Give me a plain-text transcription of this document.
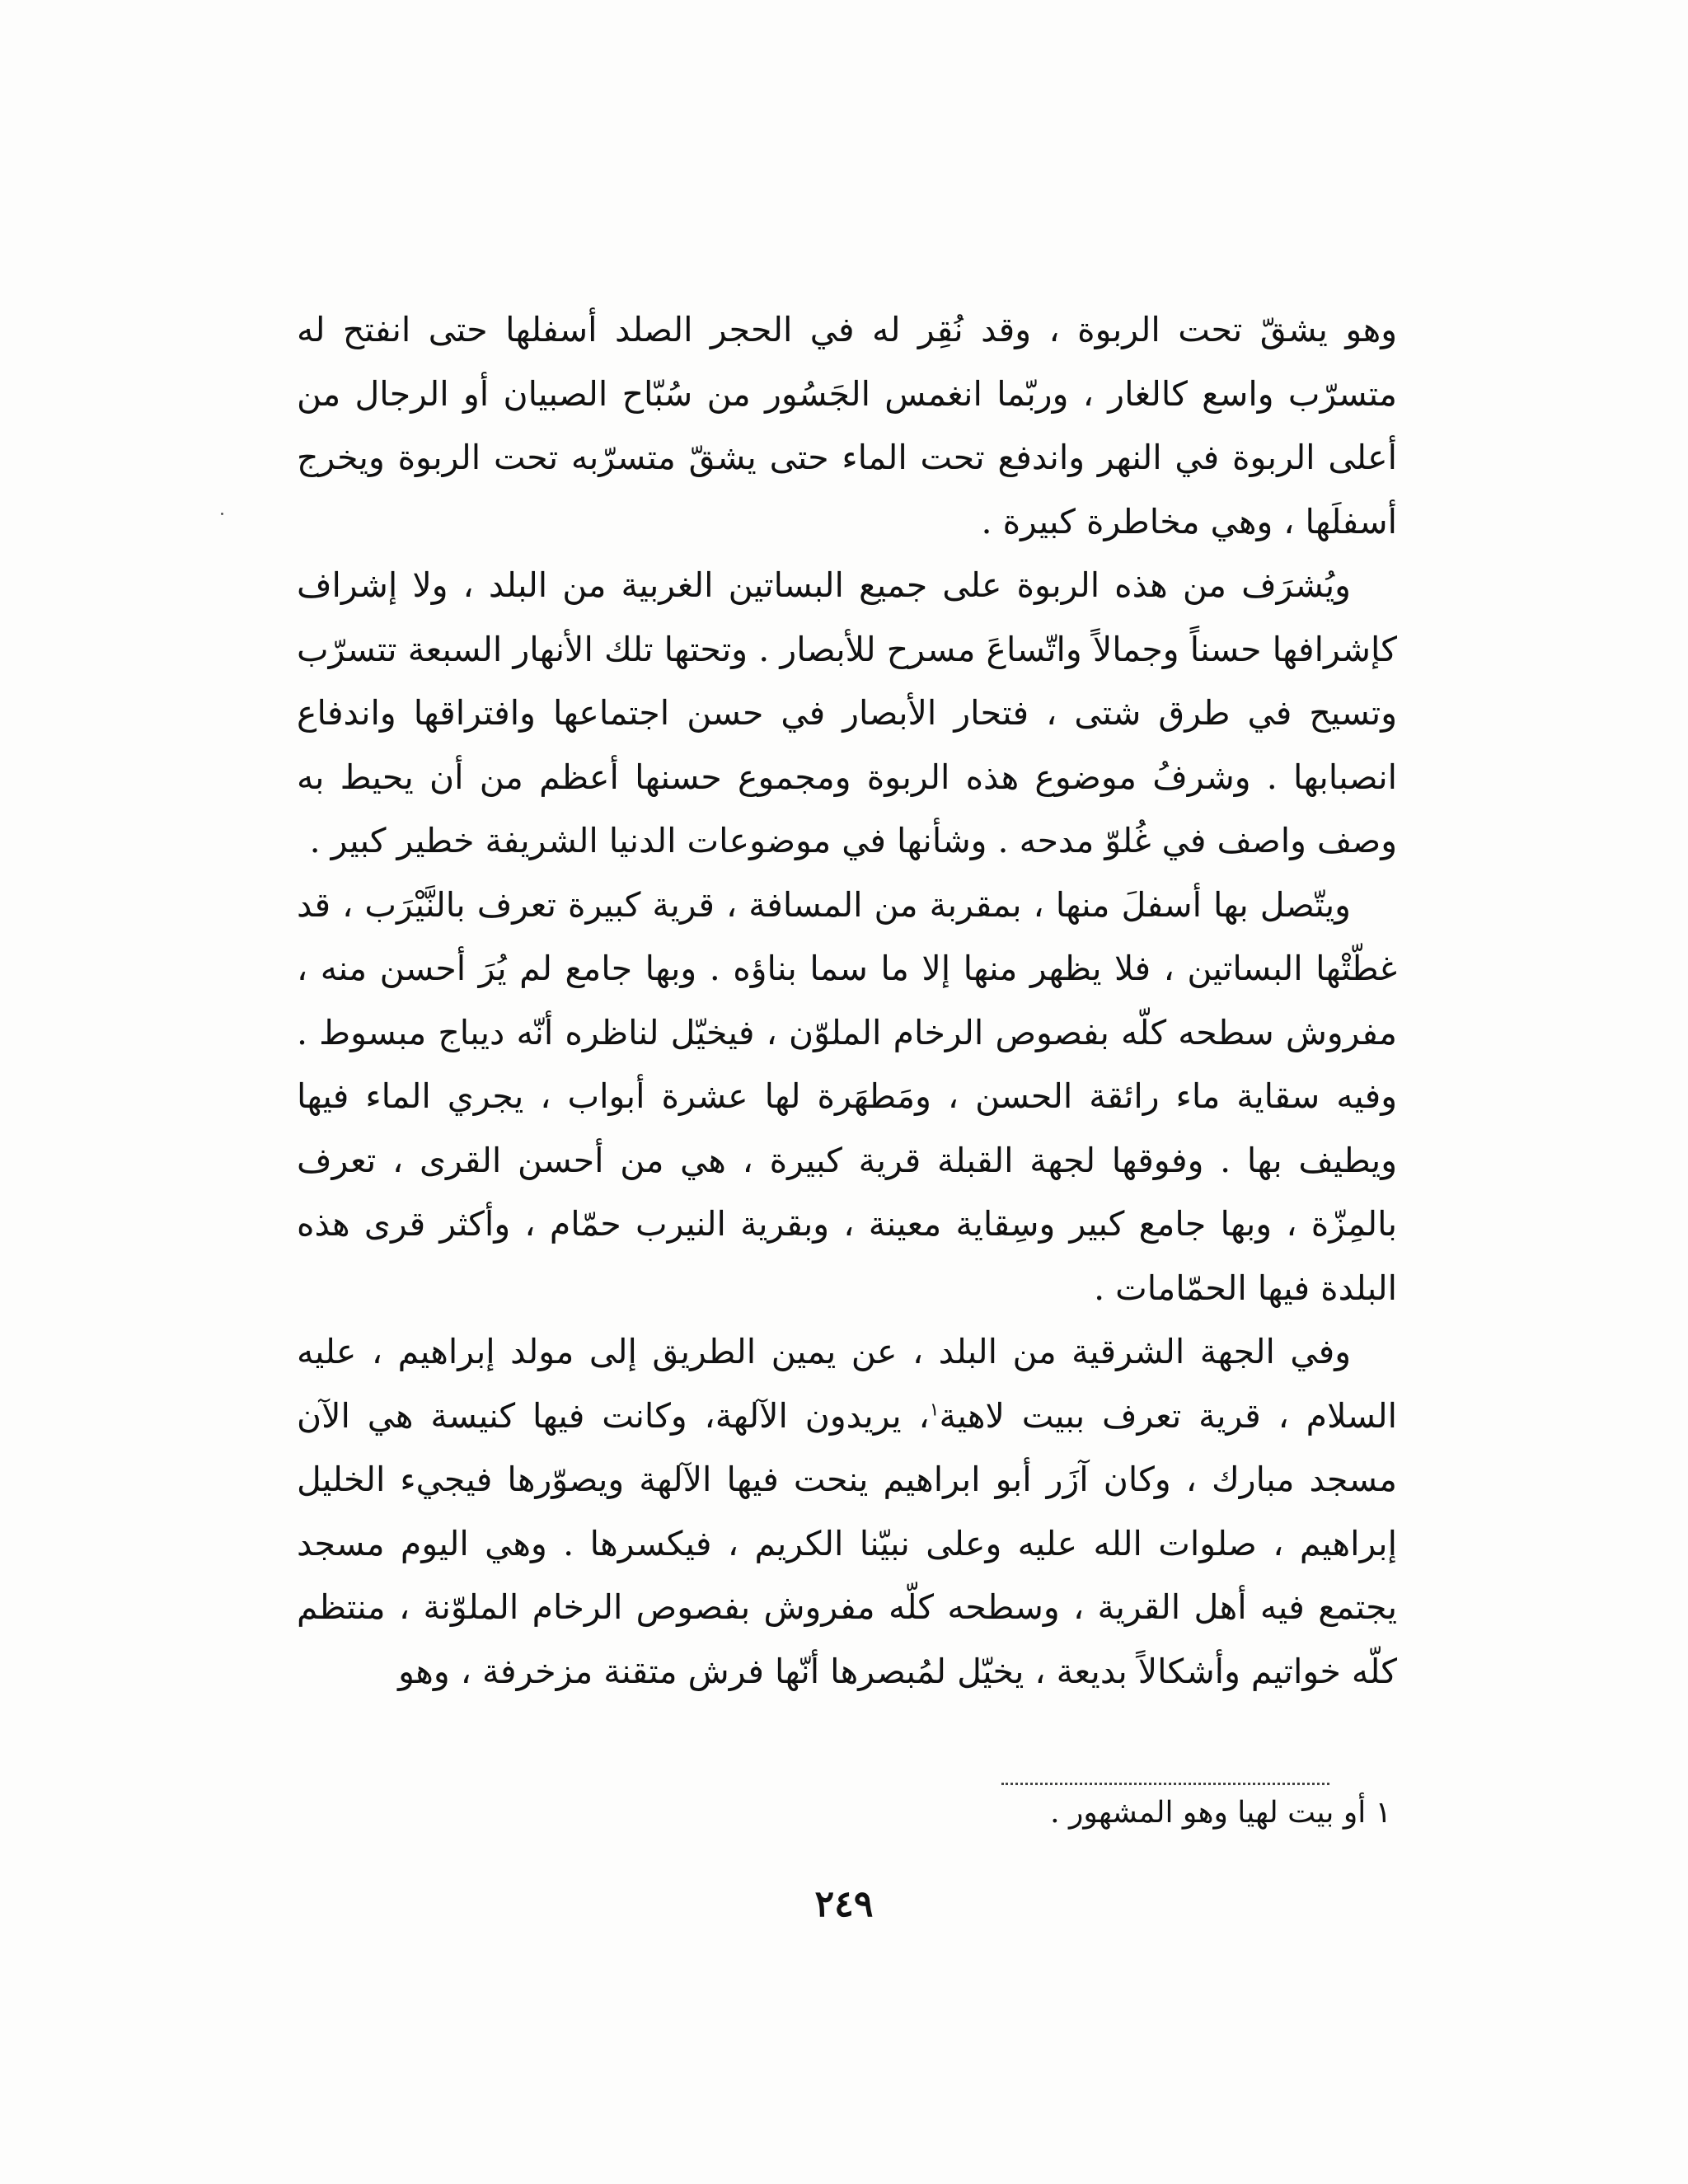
وهو يشقّ تحت الربوة ، وقد نُقِر له في الحجر الصلد أسفلها حتى انفتح له متسرّب واسع كالغار ، وربّما انغمس الجَسُور من سُبّاح الصبيان أو الرجال من أعلى الربوة في النهر واندفع تحت الماء حتى يشقّ متسرّبه تحت الربوة ويخرج أسفلَها ، وهي مخاطرة كبيرة .

ويُشرَف من هذه الربوة على جميع البساتين الغربية من البلد ، ولا إشراف كإشرافها حسناً وجمالاً واتّساعَ مسرح للأبصار . وتحتها تلك الأنهار السبعة تتسرّب وتسيح في طرق شتى ، فتحار الأبصار في حسن اجتماعها وافتراقها واندفاع انصبابها . وشرفُ موضوع هذه الربوة ومجموع حسنها أعظم من أن يحيط به وصف واصف في غُلوّ مدحه . وشأنها في موضوعات الدنيا الشريفة خطير كبير .

ويتّصل بها أسفلَ منها ، بمقربة من المسافة ، قرية كبيرة تعرف بالنَّيْرَب ، قد غطّتْها البساتين ، فلا يظهر منها إلا ما سما بناؤه . وبها جامع لم يُرَ أحسن منه ، مفروش سطحه كلّه بفصوص الرخام الملوّن ، فيخيّل لناظره أنّه ديباج مبسوط . وفيه سقاية ماء رائقة الحسن ، ومَطهَرة لها عشرة أبواب ، يجري الماء فيها ويطيف بها . وفوقها لجهة القبلة قرية كبيرة ، هي من أحسن القرى ، تعرف بالمِزّة ، وبها جامع كبير وسِقاية معينة ، وبقرية النيرب حمّام ، وأكثر قرى هذه البلدة فيها الحمّامات .

وفي الجهة الشرقية من البلد ، عن يمين الطريق إلى مولد إبراهيم ، عليه السلام ، قرية تعرف ببيت لاهية$^١$، يريدون الآلهة، وكانت فيها كنيسة هي الآن مسجد مبارك ، وكان آزَر أبو ابراهيم ينحت فيها الآلهة ويصوّرها فيجيء الخليل إبراهيم ، صلوات الله عليه وعلى نبيّنا الكريم ، فيكسرها . وهي اليوم مسجد يجتمع فيه أهل القرية ، وسطحه كلّه مفروش بفصوص الرخام الملوّنة ، منتظم كلّه خواتيم وأشكالاً بديعة ، يخيّل لمُبصرها أنّها فرش متقنة مزخرفة ، وهو

١ أو بيت لهيا وهو المشهور .
٢٤٩
